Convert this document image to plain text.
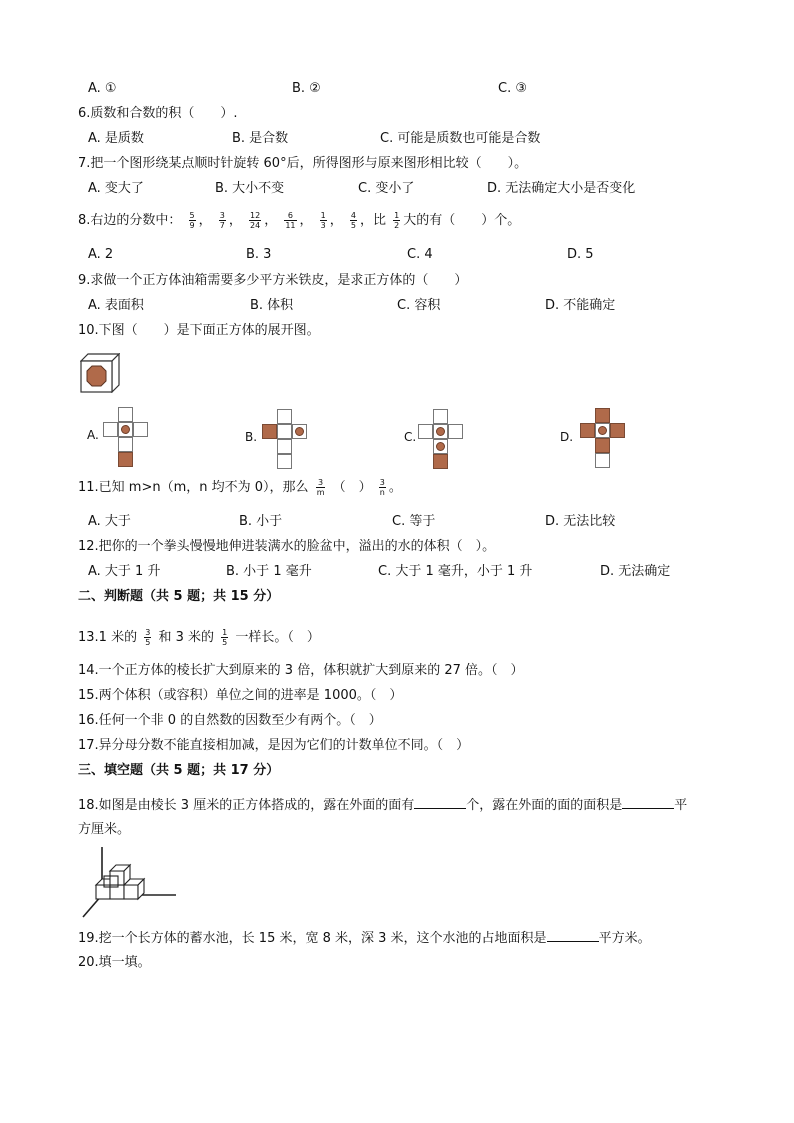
A. ①	B. ②	C. ③
6.质数和合数的积（　　）.
A. 是质数	B. 是合数	C. 可能是质数也可能是合数
7.把一个图形绕某点顺时针旋转 60°后，所得图形与原来图形相比较（　　）。
A. 变大了	B. 大小不变	C. 变小了	D. 无法确定大小是否变化
8.右边的分数中： $\frac{5}{9}$ ， $\frac{3}{7}$ ， $\frac{12}{24}$ ， $\frac{6}{11}$ ， $\frac{1}{3}$ ， $\frac{4}{5}$ ，比 $\frac{1}{2}$ 大的有（　　）个。
A. 2	B. 3	C. 4	D. 5
9.求做一个正方体油箱需要多少平方米铁皮，是求正方体的（　　）
A. 表面积	B. 体积	C. 容积	D. 不能确定
10.下图（　　）是下面正方体的展开图。
A.	B.	C.	D.
11.已知 m>n（m，n 均不为 0），那么 $\frac{3}{m}$ （　） $\frac{3}{n}$ 。
A. 大于	B. 小于	C. 等于	D. 无法比较
12.把你的一个拳头慢慢地伸进装满水的脸盆中，溢出的水的体积（　）。
A. 大于 1 升	B. 小于 1 毫升	C. 大于 1 毫升，小于 1 升	D. 无法确定
二、判断题（共 5 题；共 15 分）
13.1 米的 $\frac{3}{5}$ 和 3 米的 $\frac{1}{5}$ 一样长。（　）
14.一个正方体的棱长扩大到原来的 3 倍，体积就扩大到原来的 27 倍。（　）
15.两个体积（或容积）单位之间的进率是 1000。（　）
16.任何一个非 0 的自然数的因数至少有两个。（　）
17.异分母分数不能直接相加减，是因为它们的计数单位不同。（　）
三、填空题（共 5 题；共 17 分）
18.如图是由棱长 3 厘米的正方体搭成的，露在外面的面有	个，露在外面的面的面积是	平
方厘米。
19.挖一个长方体的蓄水池，长 15 米，宽 8 米，深 3 米，这个水池的占地面积是	平方米。
20.填一填。
